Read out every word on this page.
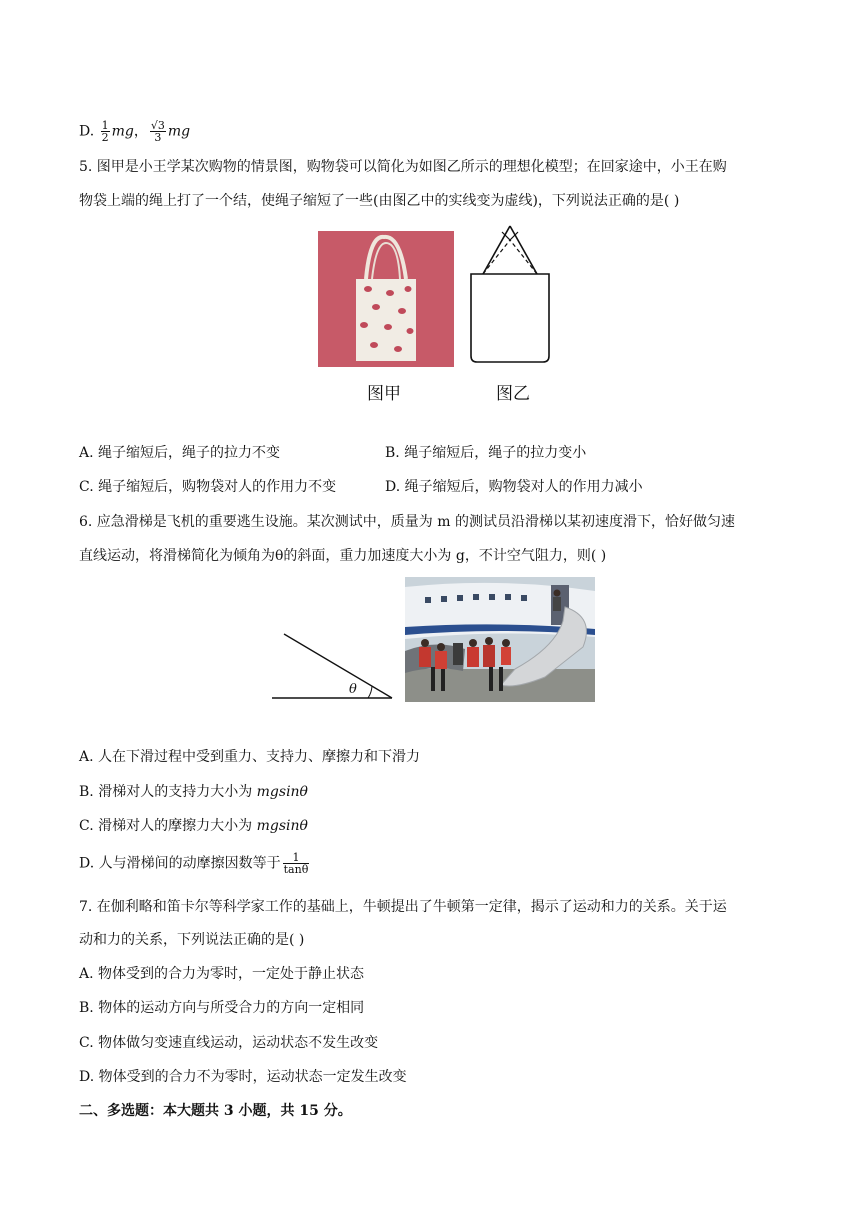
D. $\frac{1}{2}$ mg， $\frac{√3}{3}$ mg
5. 图甲是小王学某次购物的情景图，购物袋可以简化为如图乙所示的理想化模型；在回家途中，小王在购
物袋上端的绳上打了一个结，使绳子缩短了一些(由图乙中的实线变为虚线)，下列说法正确的是( )
图甲	图乙
A. 绳子缩短后，绳子的拉力不变	B. 绳子缩短后，绳子的拉力变小
C. 绳子缩短后，购物袋对人的作用力不变	D. 绳子缩短后，购物袋对人的作用力减小
6. 应急滑梯是飞机的重要逃生设施。某次测试中，质量为 m 的测试员沿滑梯以某初速度滑下，恰好做匀速
直线运动，将滑梯简化为倾角为θ的斜面，重力加速度大小为 g，不计空气阻力，则( )
θ
A. 人在下滑过程中受到重力、支持力、摩擦力和下滑力
B. 滑梯对人的支持力大小为 mgsinθ
C. 滑梯对人的摩擦力大小为 mgsinθ
D. 人与滑梯间的动摩擦因数等于 $\frac{1}{\tan\theta}$
7. 在伽利略和笛卡尔等科学家工作的基础上，牛顿提出了牛顿第一定律，揭示了运动和力的关系。关于运
动和力的关系，下列说法正确的是( )
A. 物体受到的合力为零时，一定处于静止状态
B. 物体的运动方向与所受合力的方向一定相同
C. 物体做匀变速直线运动，运动状态不发生改变
D. 物体受到的合力不为零时，运动状态一定发生改变
二、多选题：本大题共 3 小题，共 15 分。
